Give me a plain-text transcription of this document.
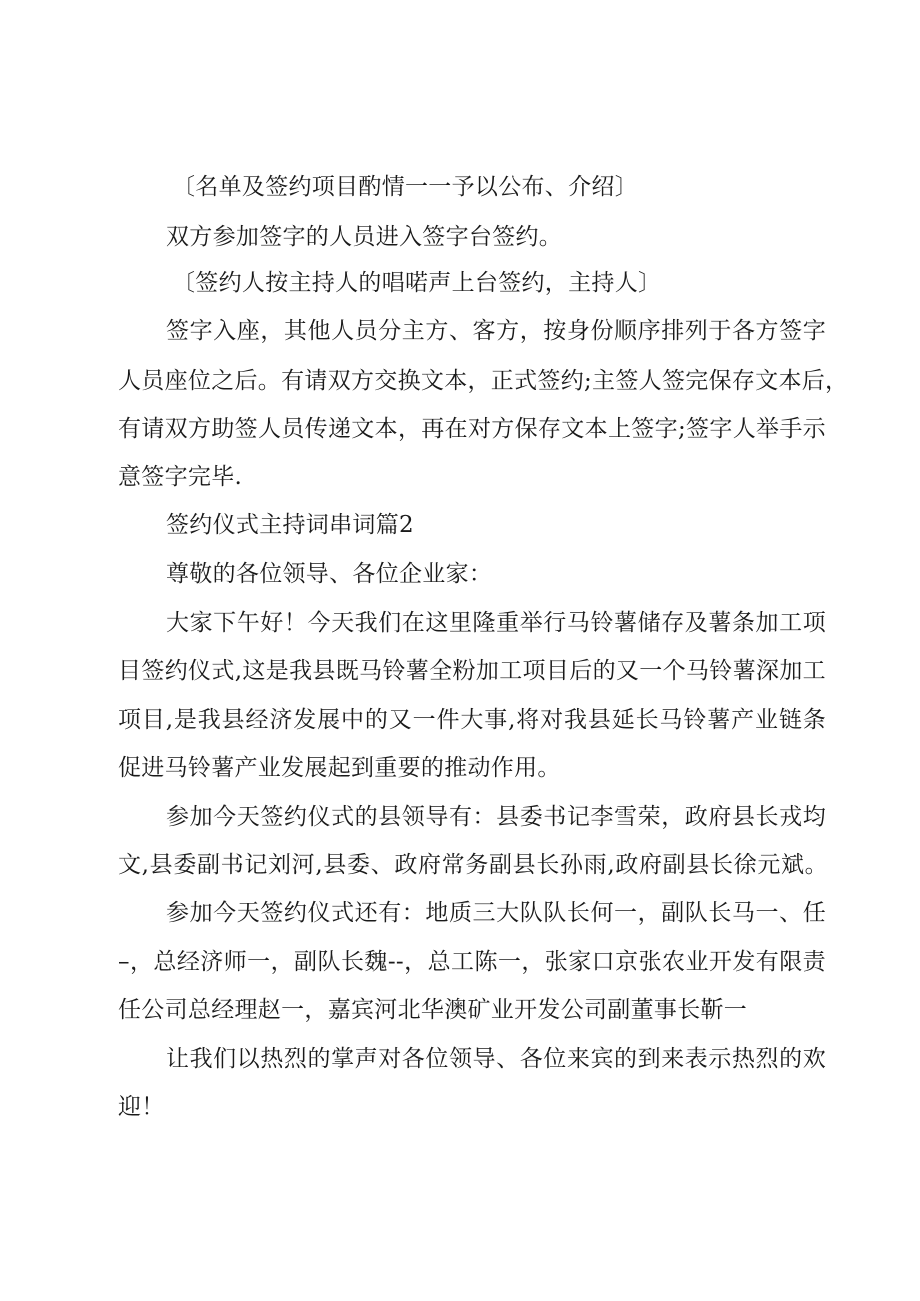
〔名单及签约项目酌情一一予以公布、介绍〕
双方参加签字的人员进入签字台签约。
〔签约人按主持人的唱喏声上台签约，主持人〕
签字入座，其他人员分主方、客方，按身份顺序排列于各方签字
人员座位之后。有请双方交换文本，正式签约;主签人签完保存文本后，
有请双方助签人员传递文本，再在对方保存文本上签字;签字人举手示
意签字完毕.
签约仪式主持词串词篇2
尊敬的各位领导、各位企业家：
大家下午好！今天我们在这里隆重举行马铃薯储存及薯条加工项
目签约仪式,这是我县既马铃薯全粉加工项目后的又一个马铃薯深加工
项目,是我县经济发展中的又一件大事,将对我县延长马铃薯产业链条
促进马铃薯产业发展起到重要的推动作用。
参加今天签约仪式的县领导有：县委书记李雪荣，政府县长戎均
文,县委副书记刘河,县委、政府常务副县长孙雨,政府副县长徐元斌。
参加今天签约仪式还有：地质三大队队长何一，副队长马一、任
–，总经济师一，副队长魏--，总工陈一，张家口京张农业开发有限责
任公司总经理赵一，嘉宾河北华澳矿业开发公司副董事长靳一
让我们以热烈的掌声对各位领导、各位来宾的到来表示热烈的欢
迎！
